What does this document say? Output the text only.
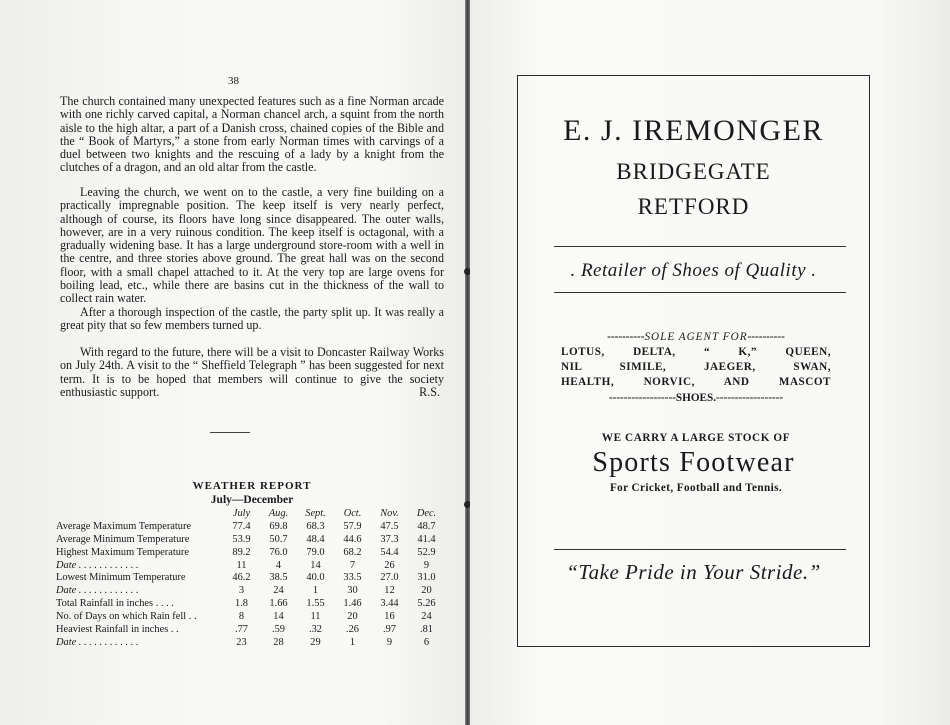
38

The church contained many unexpected features such as a fine Norman arcade with one richly carved capital, a Norman chancel arch, a squint from the north aisle to the high altar, a part of a Danish cross, chained copies of the Bible and the “ Book of Martyrs,” a stone from early Norman times with carvings of a duel between two knights and the rescuing of a lady by a knight from the clutches of a dragon, and an old altar from the castle.

Leaving the church, we went on to the castle, a very fine building on a practically impregnable position. The keep itself is very nearly perfect, although of course, its floors have long since disappeared. The outer walls, however, are in a very ruinous condition. The keep itself is octagonal, with a gradually widening base. It has a large underground store-room with a well in the centre, and three stories above ground. The great hall was on the second floor, with a small chapel attached to it. At the very top are large ovens for boiling lead, etc., while there are basins cut in the thickness of the wall to collect rain water.

After a thorough inspection of the castle, the party split up. It was really a great pity that so few members turned up.

With regard to the future, there will be a visit to Doncaster Railway Works on July 24th. A visit to the “ Sheffield Telegraph ” has been suggested for next term. It is to be hoped that members will continue to give the society enthusiastic support.	R.S.
WEATHER REPORT
July—December
	July	Aug.	Sept.	Oct.	Nov.	Dec.
Average Maximum Temperature	77.4	69.8	68.3	57.9	47.5	48.7
Average Minimum Temperature	53.9	50.7	48.4	44.6	37.3	41.4
Highest Maximum Temperature	89.2	76.0	79.0	68.2	54.4	52.9
Date . . . . . . . . . . . .	11	4	14	7	26	9
Lowest Minimum Temperature	46.2	38.5	40.0	33.5	27.0	31.0
Date . . . . . . . . . . . .	3	24	1	30	12	20
Total Rainfall in inches . . . .	1.8	1.66	1.55	1.46	3.44	5.26
No. of Days on which Rain fell . .	8	14	11	20	16	24
Heaviest Rainfall in inches . .	.77	.59	.32	.26	.97	.81
Date . . . . . . . . . . . .	23	28	29	1	9	6
E. J. IREMONGER
BRIDGEGATE
RETFORD
. Retailer of Shoes of Quality .
----------SOLE AGENT FOR----------
LOTUS, DELTA, “ K,” QUEEN,
NIL SIMILE, JAEGER, SWAN,
HEALTH, NORVIC, AND MASCOT
------------------SHOES.------------------
WE CARRY A LARGE STOCK OF
Sports Footwear
For Cricket, Football and Tennis.
“Take Pride in Your Stride.”
